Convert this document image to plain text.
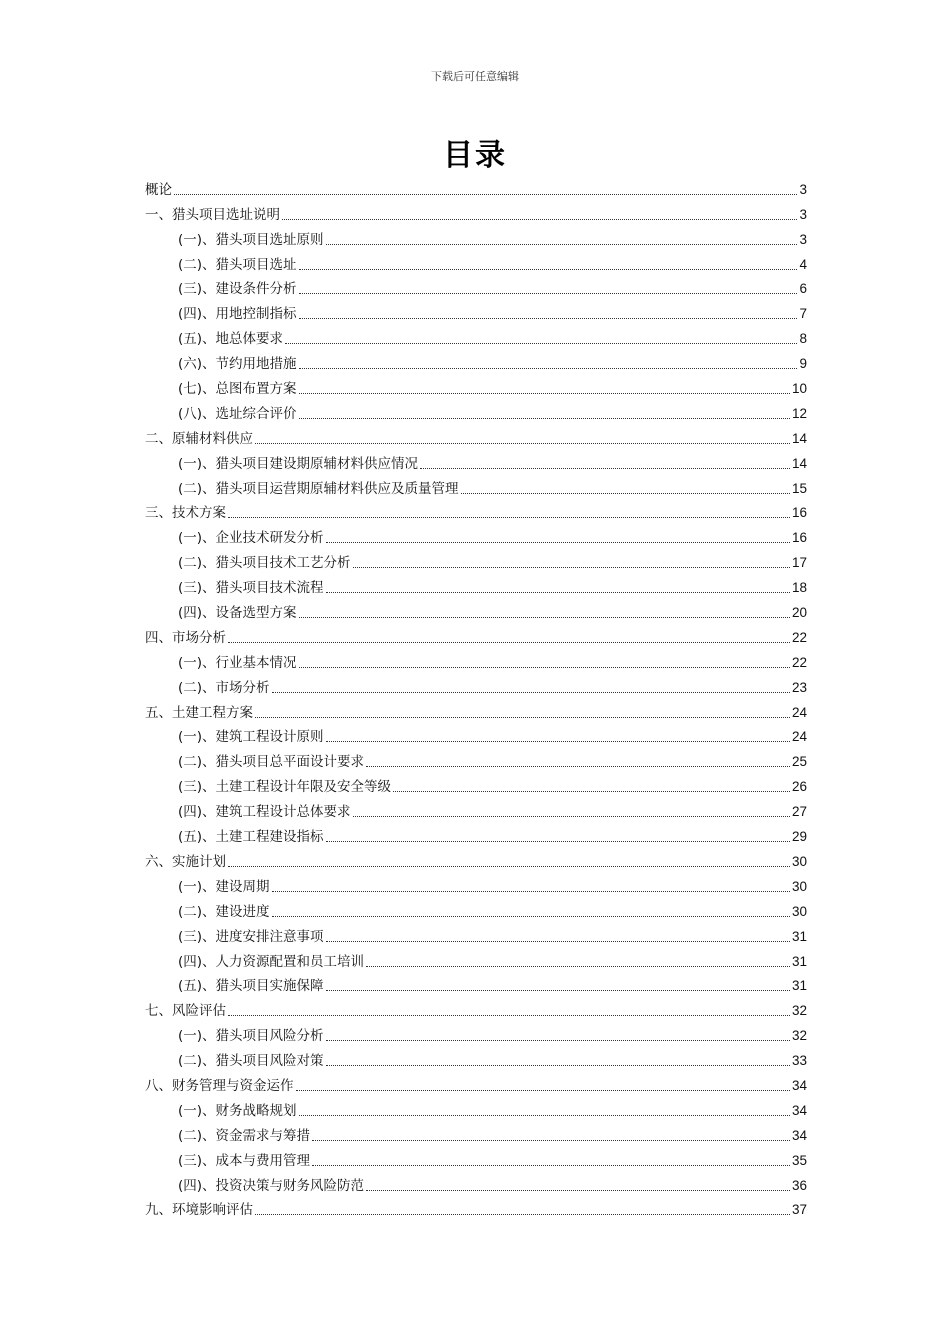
下载后可任意编辑
目录
概论	3
一、猎头项目选址说明	3
(一)、猎头项目选址原则	3
(二)、猎头项目选址	4
(三)、建设条件分析	6
(四)、用地控制指标	7
(五)、地总体要求	8
(六)、节约用地措施	9
(七)、总图布置方案	10
(八)、选址综合评价	12
二、原辅材料供应	14
(一)、猎头项目建设期原辅材料供应情况	14
(二)、猎头项目运营期原辅材料供应及质量管理	15
三、技术方案	16
(一)、企业技术研发分析	16
(二)、猎头项目技术工艺分析	17
(三)、猎头项目技术流程	18
(四)、设备选型方案	20
四、市场分析	22
(一)、行业基本情况	22
(二)、市场分析	23
五、土建工程方案	24
(一)、建筑工程设计原则	24
(二)、猎头项目总平面设计要求	25
(三)、土建工程设计年限及安全等级	26
(四)、建筑工程设计总体要求	27
(五)、土建工程建设指标	29
六、实施计划	30
(一)、建设周期	30
(二)、建设进度	30
(三)、进度安排注意事项	31
(四)、人力资源配置和员工培训	31
(五)、猎头项目实施保障	31
七、风险评估	32
(一)、猎头项目风险分析	32
(二)、猎头项目风险对策	33
八、财务管理与资金运作	34
(一)、财务战略规划	34
(二)、资金需求与筹措	34
(三)、成本与费用管理	35
(四)、投资决策与财务风险防范	36
九、环境影响评估	37
